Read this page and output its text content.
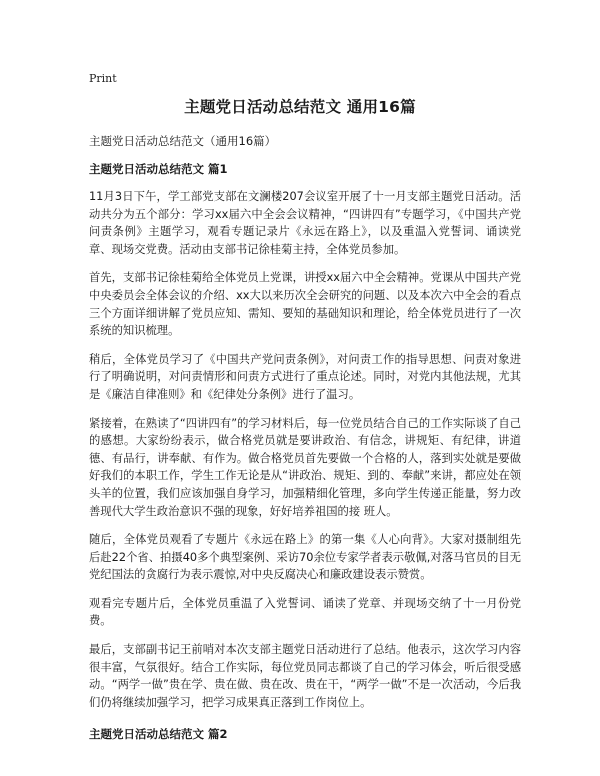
Print
主题党日活动总结范文 通用16篇

主题党日活动总结范文（通用16篇）

主题党日活动总结范文 篇1

11月3日下午，学工部党支部在文澜楼207会议室开展了十一月支部主题党日活动。活动共分为五个部分：学习xx届六中全会会议精神，“四讲四有”专题学习，《中国共产党问责条例》主题学习，观看专题记录片《永远在路上》，以及重温入党誓词、诵读党章、现场交党费。活动由支部书记徐桂菊主持，全体党员参加。

首先，支部书记徐桂菊给全体党员上党课，讲授xx届六中全会精神。党课从中国共产党中央委员会全体会议的介绍、xx大以来历次全会研究的问题、以及本次六中全会的看点三个方面详细讲解了党员应知、需知、要知的基础知识和理论，给全体党员进行了一次系统的知识梳理。

稍后，全体党员学习了《中国共产党问责条例》，对问责工作的指导思想、问责对象进行了明确说明，对问责情形和问责方式进行了重点论述。同时，对党内其他法规，尤其是《廉洁自律准则》和《纪律处分条例》进行了温习。

紧接着，在熟读了“四讲四有”的学习材料后，每一位党员结合自己的工作实际谈了自己的感想。大家纷纷表示，做合格党员就是要讲政治、有信念，讲规矩、有纪律，讲道德、有品行，讲奉献、有作为。做合格党员首先要做一个合格的人，落到实处就是要做好我们的本职工作，学生工作无论是从“讲政治、规矩、到的、奉献”来讲，都应处在领头羊的位置，我们应该加强自身学习，加强精细化管理，多向学生传递正能量，努力改善现代大学生政治意识不强的现象，好好培养祖国的接 班人。

随后，全体党员观看了专题片《永远在路上》的第一集《人心向背》。大家对摄制组先后赴22个省、拍摄40多个典型案例、采访70余位专家学者表示敬佩,对落马官员的目无党纪国法的贪腐行为表示震惊,对中央反腐决心和廉政建设表示赞赏。

观看完专题片后，全体党员重温了入党誓词、诵读了党章、并现场交纳了十一月份党费。

最后，支部副书记王前哨对本次支部主题党日活动进行了总结。他表示，这次学习内容很丰富，气氛很好。结合工作实际，每位党员同志都谈了自己的学习体会，听后很受感动。“两学一做”贵在学、贵在做、贵在改、贵在干，“两学一做”不是一次活动，今后我们仍将继续加强学习，把学习成果真正落到工作岗位上。

主题党日活动总结范文 篇2
